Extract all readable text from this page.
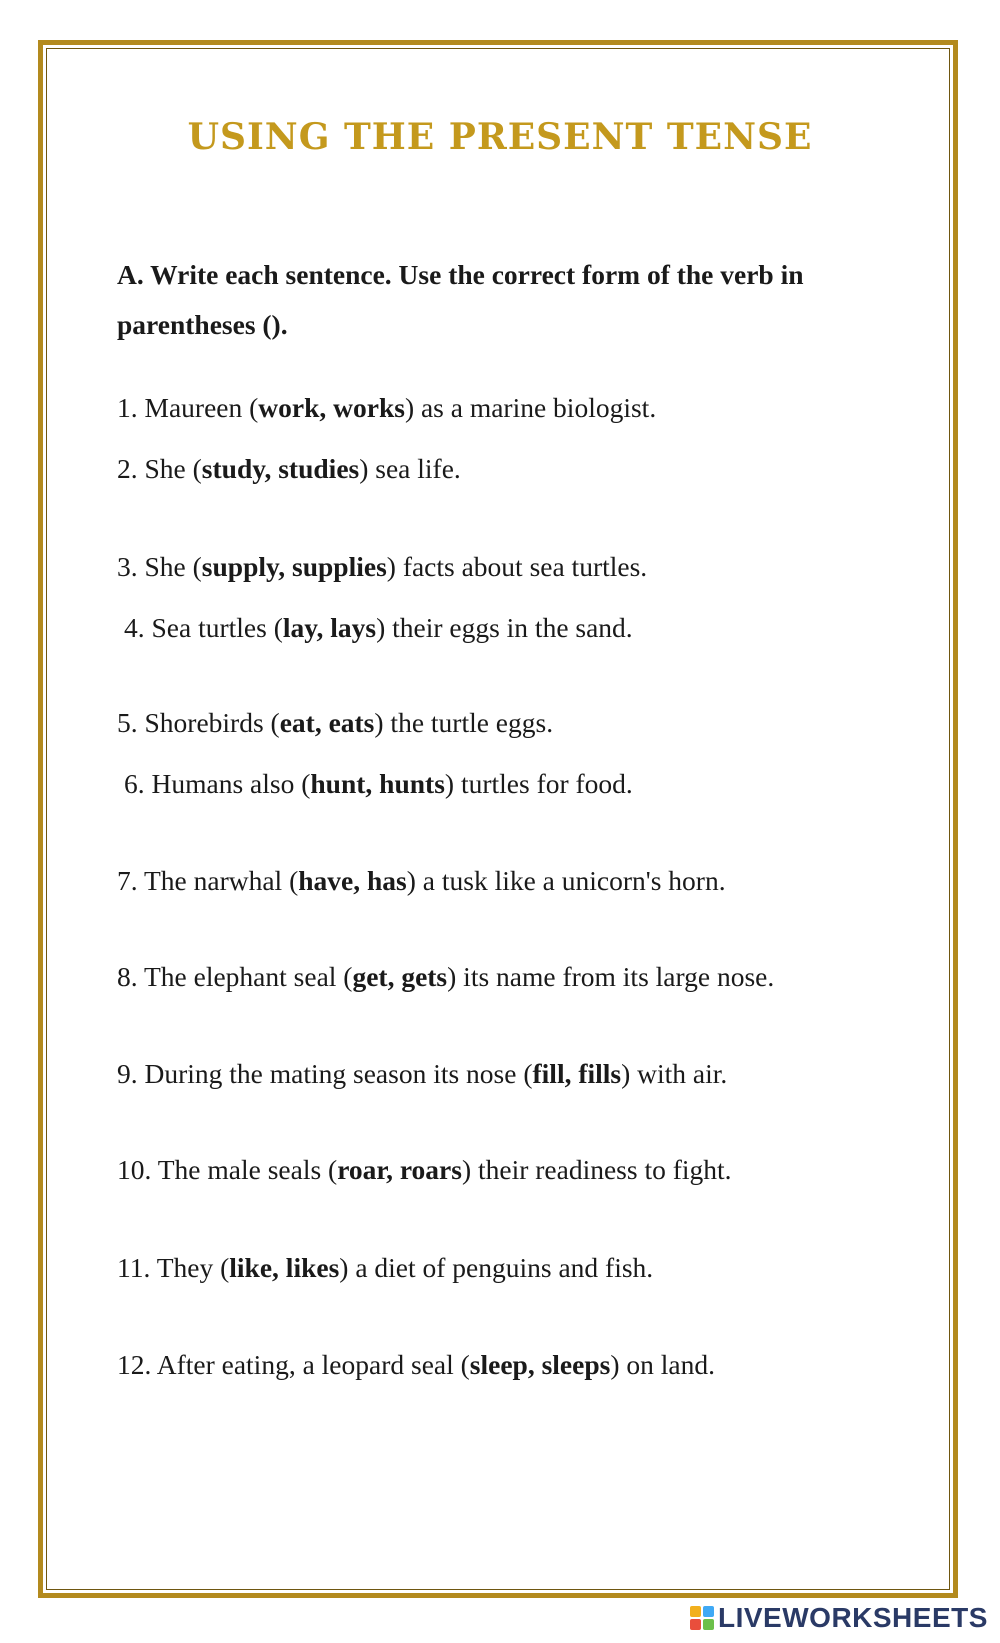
USING THE PRESENT TENSE

A. Write each sentence. Use the correct form of the verb in parentheses ().

1. Maureen (work, works) as a marine biologist.
2. She (study, studies) sea life.
3. She (supply, supplies) facts about sea turtles.
4. Sea turtles (lay, lays) their eggs in the sand.
5. Shorebirds (eat, eats) the turtle eggs.
6. Humans also (hunt, hunts) turtles for food.
7. The narwhal (have, has) a tusk like a unicorn's horn.
8. The elephant seal (get, gets) its name from its large nose.
9. During the mating season its nose (fill, fills) with air.
10. The male seals (roar, roars) their readiness to fight.
11. They (like, likes) a diet of penguins and fish.
12. After eating, a leopard seal (sleep, sleeps) on land.
LIVEWORKSHEETS
